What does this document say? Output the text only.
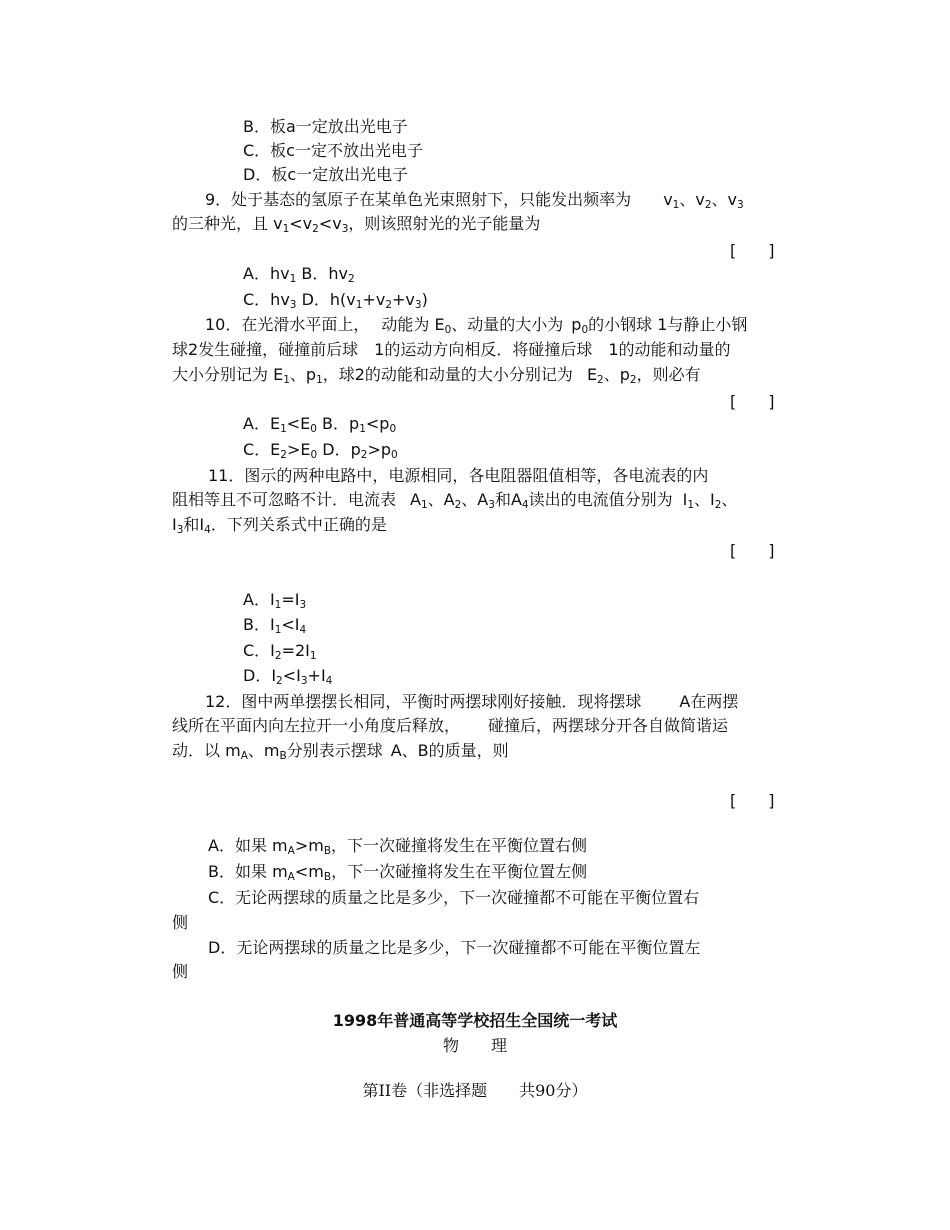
B．板a一定放出光电子
C．板c一定不放出光电子
D．板c一定放出光电子
9．处于基态的氢原子在某单色光束照射下，只能发出频率为 $v_1$、$v_2$、$v_3$
的三种光，且 $v_1<v_2<v_3$，则该照射光的光子能量为
[　　]
A．$hv_1$ B．$hv_2$
C．$hv_3$ D．$h(v_1+v_2+v_3)$
10．在光滑水平面上， 动能为 $E_0$、动量的大小为 $p_0$的小钢球 1与静止小钢
球2发生碰撞，碰撞前后球　1的运动方向相反．将碰撞后球　1的动能和动量的
大小分别记为 $E_1$、$p_1$，球2的动能和动量的大小分别记为 $E_2$、$p_2$，则必有
[　　]
A．$E_1<E_0$ B．$p_1<p_0$
C．$E_2>E_0$ D．$p_2>p_0$
11．图示的两种电路中，电源相同，各电阻器阻值相等，各电流表的内
阻相等且不可忽略不计．电流表 $A_1$、$A_2$、$A_3$和$A_4$读出的电流值分别为 $I_1$、$I_2$、
$I_3$和$I_4$．下列关系式中正确的是
[　　]
A．$I_1=I_3$
B．$I_1<I_4$
C．$I_2=2I_1$
D．$I_2<I_3+I_4$
12．图中两单摆摆长相同，平衡时两摆球刚好接触．现将摆球 A在两摆
线所在平面内向左拉开一小角度后释放， 碰撞后，两摆球分开各自做简谐运
动．以 $m_A$、$m_B$分别表示摆球 A、B的质量，则
[　　]
A．如果 $m_A>m_B$，下一次碰撞将发生在平衡位置右侧
B．如果 $m_A<m_B$，下一次碰撞将发生在平衡位置左侧
C．无论两摆球的质量之比是多少，下一次碰撞都不可能在平衡位置右
侧
D．无论两摆球的质量之比是多少，下一次碰撞都不可能在平衡位置左
侧
1998年普通高等学校招生全国统一考试
物　　理
第II卷（非选择题　　共90分）
